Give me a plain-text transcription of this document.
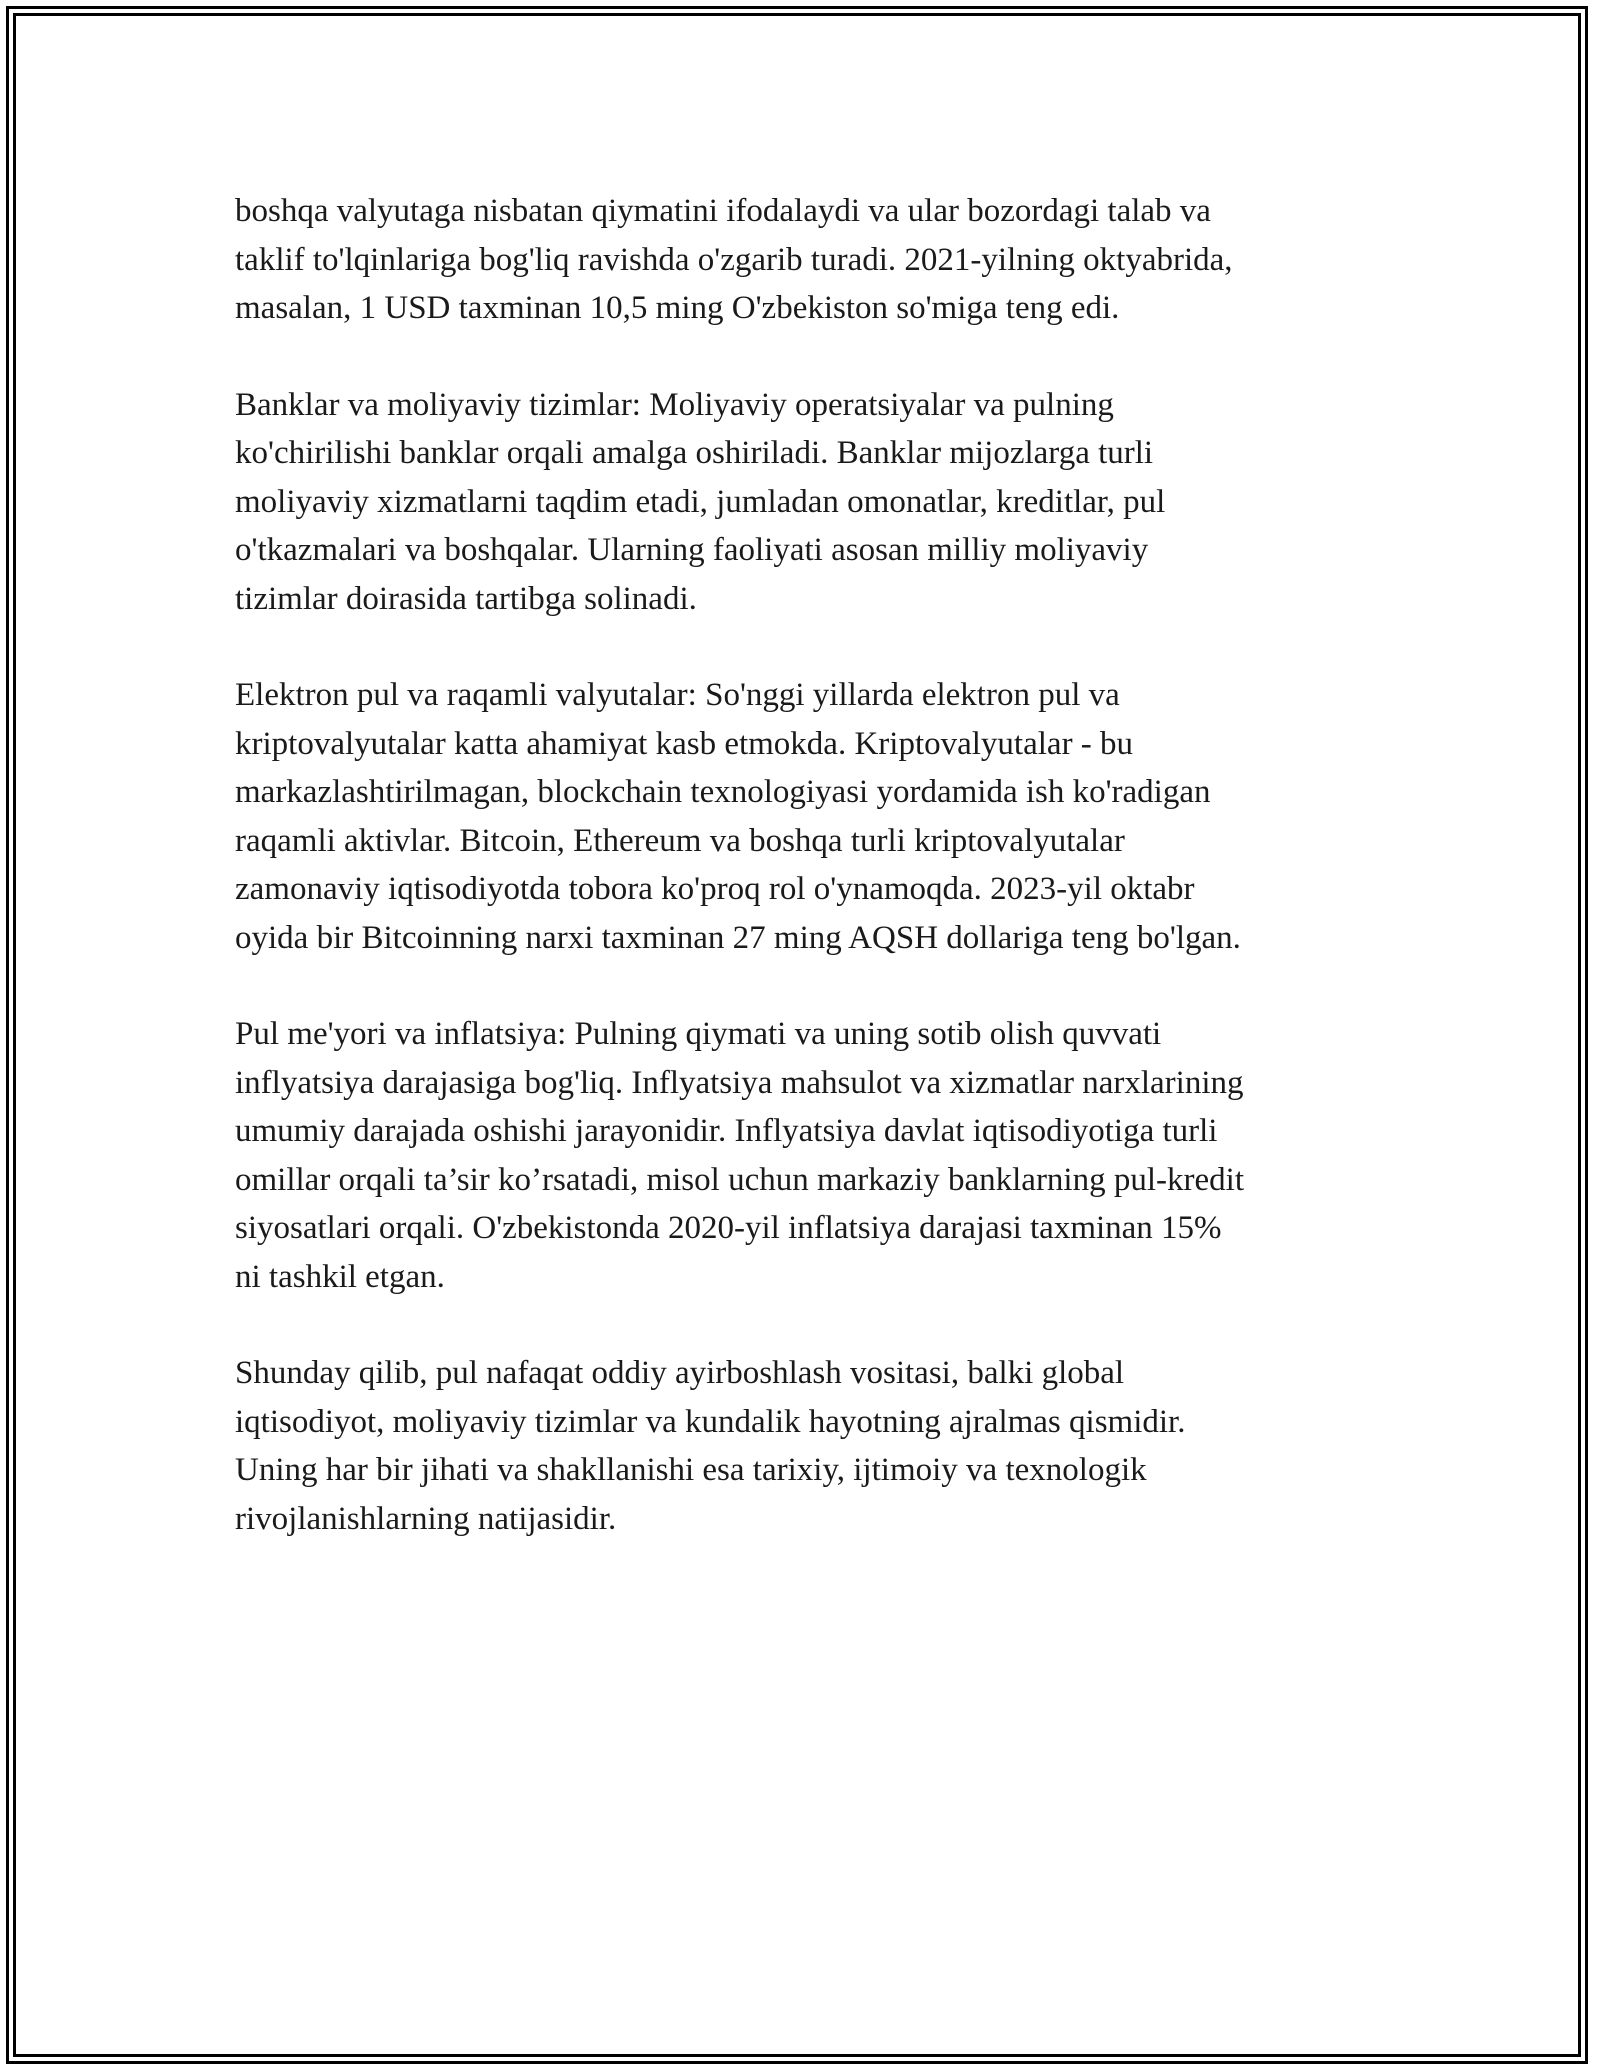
boshqa valyutaga nisbatan qiymatini ifodalaydi va ular bozordagi talab va
taklif to'lqinlariga bog'liq ravishda o'zgarib turadi. 2021-yilning oktyabrida,
masalan, 1 USD taxminan 10,5 ming O'zbekiston so'miga teng edi.

Banklar va moliyaviy tizimlar: Moliyaviy operatsiyalar va pulning
ko'chirilishi banklar orqali amalga oshiriladi. Banklar mijozlarga turli
moliyaviy xizmatlarni taqdim etadi, jumladan omonatlar, kreditlar, pul
o'tkazmalari va boshqalar. Ularning faoliyati asosan milliy moliyaviy
tizimlar doirasida tartibga solinadi.

Elektron pul va raqamli valyutalar: So'nggi yillarda elektron pul va
kriptovalyutalar katta ahamiyat kasb etmokda. Kriptovalyutalar - bu
markazlashtirilmagan, blockchain texnologiyasi yordamida ish ko'radigan
raqamli aktivlar. Bitcoin, Ethereum va boshqa turli kriptovalyutalar
zamonaviy iqtisodiyotda tobora ko'proq rol o'ynamoqda. 2023-yil oktabr
oyida bir Bitcoinning narxi taxminan 27 ming AQSH dollariga teng bo'lgan.

Pul me'yori va inflatsiya: Pulning qiymati va uning sotib olish quvvati
inflyatsiya darajasiga bog'liq. Inflyatsiya mahsulot va xizmatlar narxlarining
umumiy darajada oshishi jarayonidir. Inflyatsiya davlat iqtisodiyotiga turli
omillar orqali ta’sir ko’rsatadi, misol uchun markaziy banklarning pul-kredit
siyosatlari orqali. O'zbekistonda 2020-yil inflatsiya darajasi taxminan 15%
ni tashkil etgan.

Shunday qilib, pul nafaqat oddiy ayirboshlash vositasi, balki global
iqtisodiyot, moliyaviy tizimlar va kundalik hayotning ajralmas qismidir.
Uning har bir jihati va shakllanishi esa tarixiy, ijtimoiy va texnologik
rivojlanishlarning natijasidir.
